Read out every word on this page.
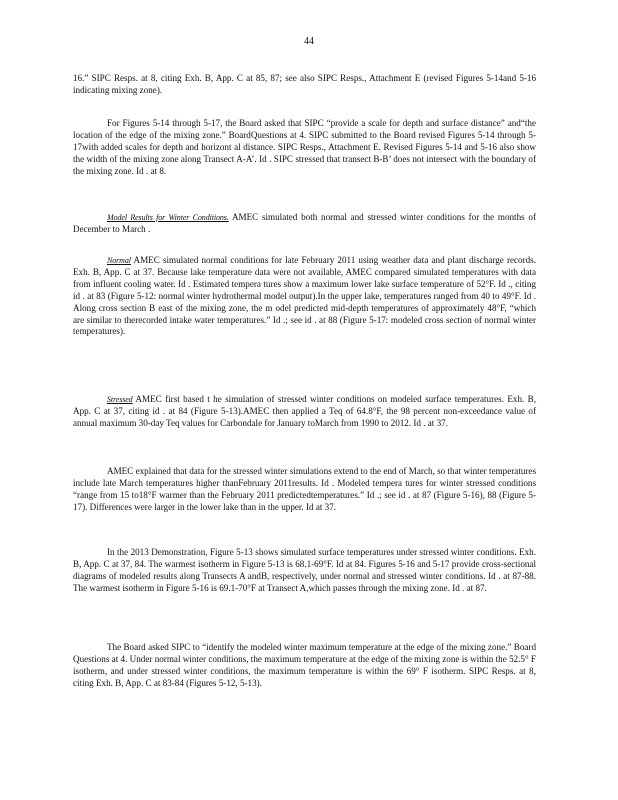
44

16.” SIPC Resps. at 8, citing Exh. B, App. C at 85, 87; see also SIPC Resps., Attachment E (revised Figures 5-14and 5-16 indicating mixing zone).

For Figures 5-14 through 5-17, the Board asked that SIPC “provide a scale for depth and surface distance” and“the location of the edge of the mixing zone.” BoardQuestions at 4. SIPC submitted to the Board revised Figures 5-14 through 5-17with added scales for depth and horizont al distance. SIPC Resps., Attachment E. Revised Figures 5-14 and 5-16 also show the width of the mixing zone along Transect A-A’. Id . SIPC stressed that transect B-B’ does not intersect with the boundary of the mixing zone. Id . at 8.

Model Results for Winter Conditions. AMEC simulated both normal and stressed winter conditions for the months of December to March .

Normal AMEC simulated normal conditions for late February 2011 using weather data and plant discharge records. Exh. B, App. C at 37. Because lake temperature data were not available, AMEC compared simulated temperatures with data from influent cooling water. Id . Estimated tempera tures show a maximum lower lake surface temperature of 52°F. Id ., citing id . at 83 (Figure 5-12: normal winter hydrothermal model output).In the upper lake, temperatures ranged from 40 to 49°F. Id . Along cross section B east of the mixing zone, the m odel predicted mid-depth temperatures of approximately 48°F, “which are similar to therecorded intake water temperatures.” Id .; see id . at 88 (Figure 5-17: modeled cross section of normal winter temperatures).

Stressed AMEC first based t he simulation of stressed winter conditions on modeled surface temperatures. Exh. B, App. C at 37, citing id . at 84 (Figure 5-13).AMEC then applied a Teq of 64.8°F, the 98 percent non-exceedance value of annual maximum 30-day Teq values for Carbondale for January toMarch from 1990 to 2012. Id . at 37.

AMEC explained that data for the stressed winter simulations extend to the end of March, so that winter temperatures include late March temperatures higher thanFebruary 2011results. Id . Modeled tempera tures for winter stressed conditions “range from 15 to18°F warmer than the February 2011 predictedtemperatures.” Id .; see id . at 87 (Figure 5-16), 88 (Figure 5-17). Differences were larger in the lower lake than in the upper. Id at 37.

In the 2013 Demonstration, Figure 5-13 shows simulated surface temperatures under stressed winter conditions. Exh. B, App. C at 37, 84. The warmest isotherm in Figure 5-13 is 68.1-69°F. Id at 84. Figures 5-16 and 5-17 provide cross-sectional diagrams of modeled results along Transects A andB, respectively, under normal and stressed winter conditions. Id . at 87-88. The warmest isotherm in Figure 5-16 is 69.1-70°F at Transect A,which passes through the mixing zone. Id . at 87.

The Board asked SIPC to “identify the modeled winter maximum temperature at the edge of the mixing zone.” Board Questions at 4. Under normal winter conditions, the maximum temperature at the edge of the mixing zone is within the 52.5° F isotherm, and under stressed winter conditions, the maximum temperature is within the 69° F isotherm. SIPC Resps. at 8, citing Exh. B, App. C at 83-84 (Figures 5-12, 5-13).
